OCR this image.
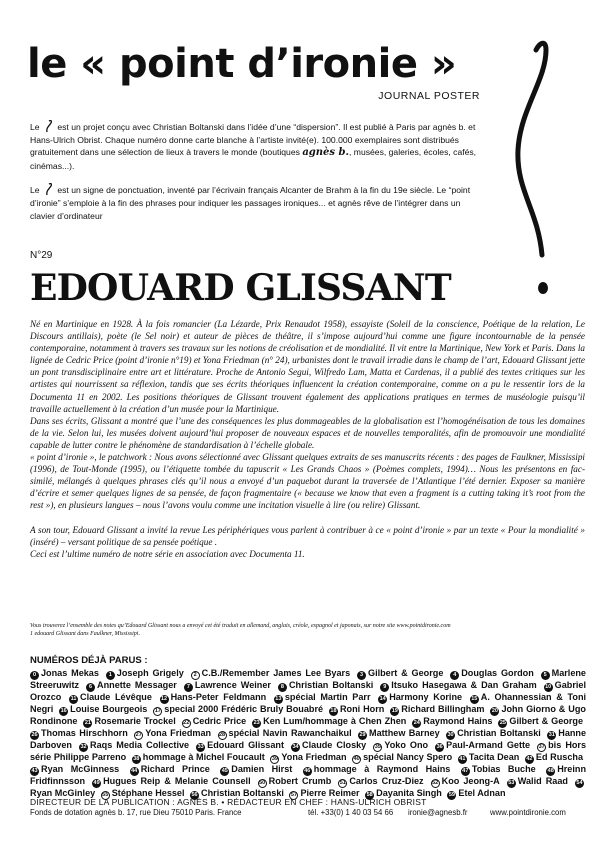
le « point d’ironie »
JOURNAL POSTER

Le est un projet conçu avec Christian Boltanski dans l’idée d’une “dispersion”. Il est publié à Paris par agnès b. et Hans-Ulrich Obrist. Chaque numéro donne carte blanche à l’artiste invité(e). 100.000 exemplaires sont distribués gratuitement dans une sélection de lieux à travers le monde (boutiques agnès b., musées, galeries, écoles, cafés, cinémas...).

Le est un signe de ponctuation, inventé par l’écrivain français Alcanter de Brahm à la fin du 19e siècle. Le “point d’ironie” s’emploie à la fin des phrases pour indiquer les passages ironiques... et agnès rêve de l’intégrer dans un clavier d’ordinateur

N°29
EDOUARD GLISSANT

Né en Martinique en 1928. À la fois romancier (La Lézarde, Prix Renaudot 1958), essayiste (Soleil de la conscience, Poétique de la relation, Le Discours antillais), poète (le Sel noir) et auteur de pièces de théâtre, il s’impose aujourd’hui comme une figure incontournable de la pensée contemporaine, notamment à travers ses travaux sur les notions de créolisation et de mondialité. Il vit entre la Martinique, New York et Paris. Dans la lignée de Cedric Price (point d’ironie n°19) et Yona Friedman (n° 24), urbanistes dont le travail irradie dans le champ de l’art, Edouard Glissant jette un pont transdisciplinaire entre art et littérature. Proche de Antonio Segui, Wilfredo Lam, Matta et Cardenas, il a publié des textes critiques sur les artistes qui nourrissent sa réflexion, tandis que ses écrits théoriques influencent la création contemporaine, comme on a pu le ressentir lors de la Documenta 11 en 2002. Les positions théoriques de Glissant trouvent également des applications pratiques en termes de muséologie puisqu’il travaille actuellement à la création d’un musée pour la Martinique.

Dans ses écrits, Glissant a montré que l’une des conséquences les plus dommageables de la globalisation est l’homogénéisation de tous les domaines de la vie. Selon lui, les musées doivent aujourd’hui proposer de nouveaux espaces et de nouvelles temporalités, afin de promouvoir une mondialité capable de lutter contre le phénomène de standardisation à l’échelle globale.

« point d’ironie », le patchwork : Nous avons sélectionné avec Glissant quelques extraits de ses manuscrits récents : des pages de Faulkner, Mississipi (1996), de Tout-Monde (1995), ou l’étiquette tombée du tapuscrit « Les Grands Chaos » (Poèmes complets, 1994)… Nous les présentons en fac-similé, mélangés à quelques phrases clés qu’il nous a envoyé d’un paquebot durant la traversée de l’Atlantique l’été dernier. Exposer sa manière d’écrire et semer quelques lignes de sa pensée, de façon fragmentaire (« because we know that even a fragment is a cutting taking it’s root from the rest »), en plusieurs langues – nous l’avons voulu comme une incitation visuelle à lire (ou relire) Glissant.

A son tour, Edouard Glissant a invité la revue Les périphériques vous parlent à contribuer à ce « point d’ironie » par un texte « Pour la mondialité » (inséré) – versant politique de sa pensée poétique .

Ceci est l’ultime numéro de notre série en association avec Documenta 11.

Vous trouverez l’ensemble des notes qu’Edouard Glissant nous a envoyé cet été traduit en allemand, anglais, créole, espagnol et japonais, sur notre site www.pointdironie.com
1 edouard Glissant dans Faulkner, Mississipi.
NUMÉROS DÉJÀ PARUS :
0 Jonas Mekas 1 Joseph Grigely 2 C.B./Remember James Lee Byars 3 Gilbert & George 4 Douglas Gordon 5 Marlene Streeruwitz 6 Annette Messager 7 Lawrence Weiner 8 Christian Boltanski 9 Itsuko Hasegawa & Dan Graham 10 Gabriel Orozco 11 Claude Lévêque 12 Hans-Peter Feldmann 13 spécial Martin Parr 14 Harmony Korine 15 A. Ohannessian & Toni Negri 16 Louise Bourgeois 17 special 2000 Frédéric Bruly Bouabré 18 Roni Horn 19 Richard Billingham 20 John Giorno & Ugo Rondinone 21 Rosemarie Trockel 22 Cedric Price 23 Ken Lum/hommage à Chen Zhen 24 Raymond Hains 25 Gilbert & George 26 Thomas Hirschhorn 27 Yona Friedman 28 spécial Navin Rawanchaikul 29 Matthew Barney 30 Christian Boltanski 31 Hanne Darboven 32 Raqs Media Collective 33 Edouard Glissant 34 Claude Closky 35 Yoko Ono 36 Paul-Armand Gette 37 bis Hors série Philippe Parreno 38 hommage à Michel Foucault 39 Yona Friedman 40 spécial Nancy Spero 41 Tacita Dean 42 Ed Ruscha 43 Ryan McGinness 44 Richard Prince 45 Damien Hirst 46 hommage à Raymond Hains 47 Tobias Buche 48 Hreinn Fridfinnsson 49 Hugues Reip & Melanie Counsell 50 Robert Crumb 51 Carlos Cruz-Diez 52 Koo Jeong-A 53 Walid Raad 54Ryan McGinley 55 Stéphane Hessel 56 Christian Boltanski 57 Pierre Reimer 58 Dayanita Singh 59 Etel Adnan
DIRECTEUR DE LA PUBLICATION : AGNÈS B. • RÉDACTEUR EN CHEF : HANS-ULRICH OBRIST
Fonds de dotation agnès b. 17, rue Dieu 75010 Paris. France	tél. +33(0) 1 40 03 54 66 ironie@agnesb.fr	www.pointdironie.com
